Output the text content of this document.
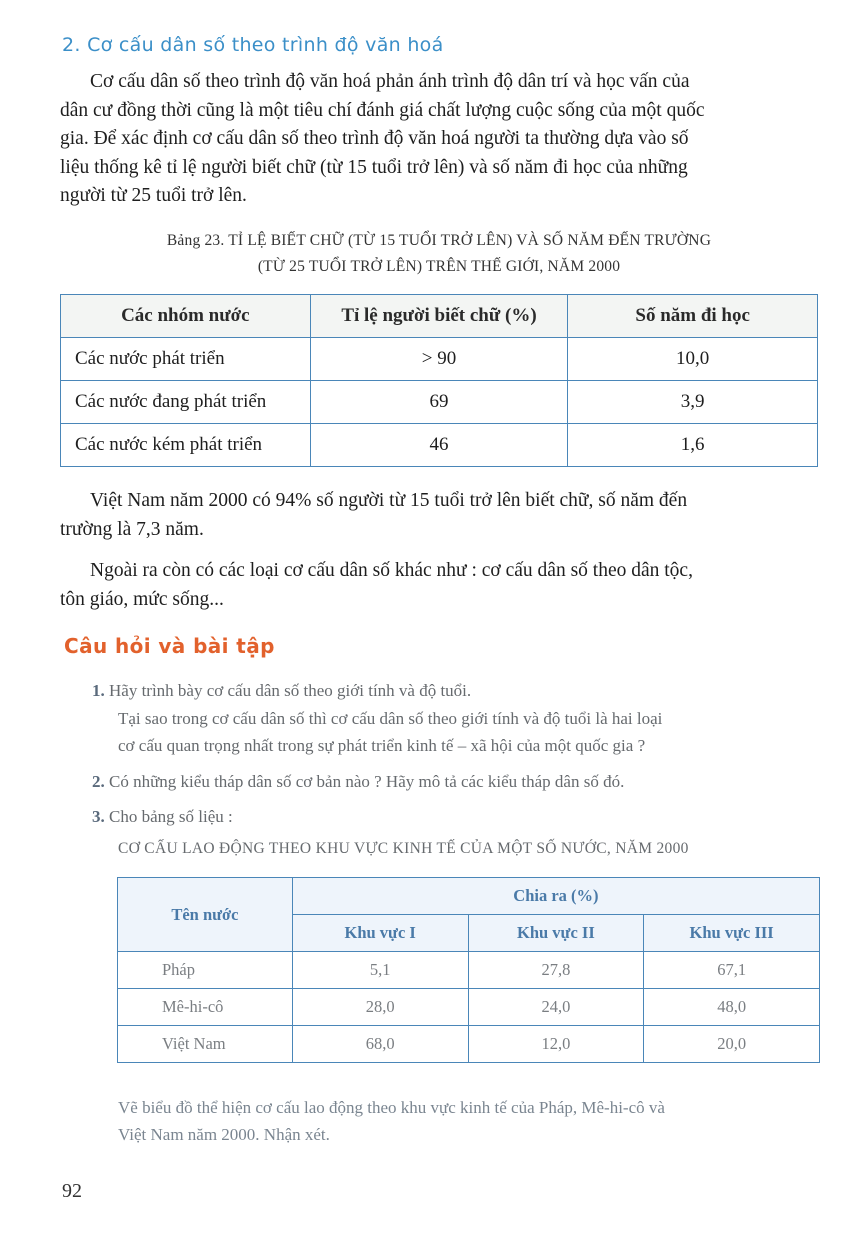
2. Cơ cấu dân số theo trình độ văn hoá
Cơ cấu dân số theo trình độ văn hoá phản ánh trình độ dân trí và học vấn của
dân cư đồng thời cũng là một tiêu chí đánh giá chất lượng cuộc sống của một quốc
gia. Để xác định cơ cấu dân số theo trình độ văn hoá người ta thường dựa vào số
liệu thống kê tỉ lệ người biết chữ (từ 15 tuổi trở lên) và số năm đi học của những
người từ 25 tuổi trở lên.
Bảng 23. TỈ LỆ BIẾT CHỮ (TỪ 15 TUỔI TRỞ LÊN) VÀ SỐ NĂM ĐẾN TRƯỜNG
(TỪ 25 TUỔI TRỞ LÊN) TRÊN THẾ GIỚI, NĂM 2000
Các nhóm nước	Tỉ lệ người biết chữ (%)	Số năm đi học
Các nước phát triển	> 90	10,0
Các nước đang phát triển	69	3,9
Các nước kém phát triển	46	1,6
Việt Nam năm 2000 có 94% số người từ 15 tuổi trở lên biết chữ, số năm đến
trường là 7,3 năm.
Ngoài ra còn có các loại cơ cấu dân số khác như : cơ cấu dân số theo dân tộc,
tôn giáo, mức sống...
Câu hỏi và bài tập
1. Hãy trình bày cơ cấu dân số theo giới tính và độ tuổi.
Tại sao trong cơ cấu dân số thì cơ cấu dân số theo giới tính và độ tuổi là hai loại
cơ cấu quan trọng nhất trong sự phát triển kinh tế – xã hội của một quốc gia ?
2. Có những kiểu tháp dân số cơ bản nào ? Hãy mô tả các kiểu tháp dân số đó.
3. Cho bảng số liệu :
CƠ CẤU LAO ĐỘNG THEO KHU VỰC KINH TẾ CỦA MỘT SỐ NƯỚC, NĂM 2000
Tên nước	Chia ra (%)		
	Khu vực I	Khu vực II	Khu vực III
Pháp	5,1	27,8	67,1
Mê-hi-cô	28,0	24,0	48,0
Việt Nam	68,0	12,0	20,0
Vẽ biểu đồ thể hiện cơ cấu lao động theo khu vực kinh tế của Pháp, Mê-hi-cô và
Việt Nam năm 2000. Nhận xét.
92
